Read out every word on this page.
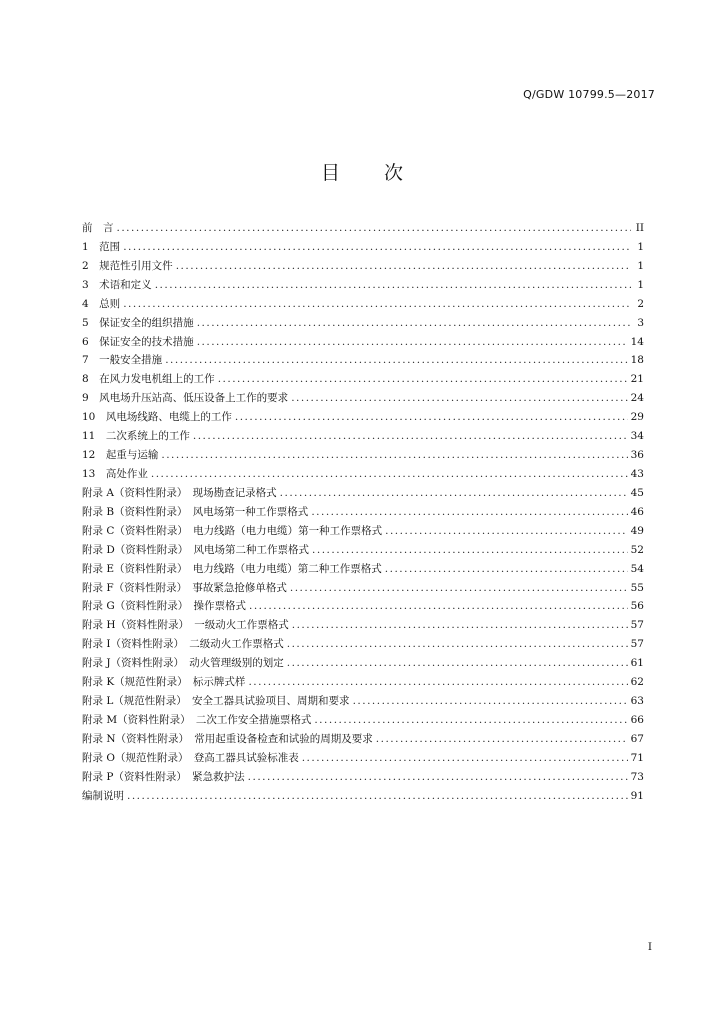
Q/GDW 10799.5—2017
目 次
前　言 .....	II
1　范围 .....	1
2　规范性引用文件 .....	1
3　术语和定义 .....	1
4　总则 .....	2
5　保证安全的组织措施 .....	3
6　保证安全的技术措施 .....	14
7　一般安全措施 .....	18
8　在风力发电机组上的工作 .....	21
9　风电场升压站高、低压设备上工作的要求 .....	24
10　风电场线路、电缆上的工作 .....	29
11　二次系统上的工作 .....	34
12　起重与运输 .....	36
13　高处作业 .....	43
附录 A（资料性附录）　现场勘查记录格式 .....	45
附录 B（资料性附录）　风电场第一种工作票格式 .....	46
附录 C（资料性附录）　电力线路（电力电缆）第一种工作票格式 .....	49
附录 D（资料性附录）　风电场第二种工作票格式 .....	52
附录 E（资料性附录）　电力线路（电力电缆）第二种工作票格式 .....	54
附录 F（资料性附录）　事故紧急抢修单格式 .....	55
附录 G（资料性附录）　操作票格式 .....	56
附录 H（资料性附录）　一级动火工作票格式 .....	57
附录 I（资料性附录）　二级动火工作票格式 .....	57
附录 J（资料性附录）　动火管理级别的划定 .....	61
附录 K（规范性附录）　标示牌式样 .....	62
附录 L（规范性附录）　安全工器具试验项目、周期和要求 .....	63
附录 M（资料性附录）　二次工作安全措施票格式 .....	66
附录 N（资料性附录）　常用起重设备检查和试验的周期及要求 .....	67
附录 O（规范性附录）　登高工器具试验标准表 .....	71
附录 P（资料性附录）　紧急救护法 .....	73
编制说明 .....	91
I
